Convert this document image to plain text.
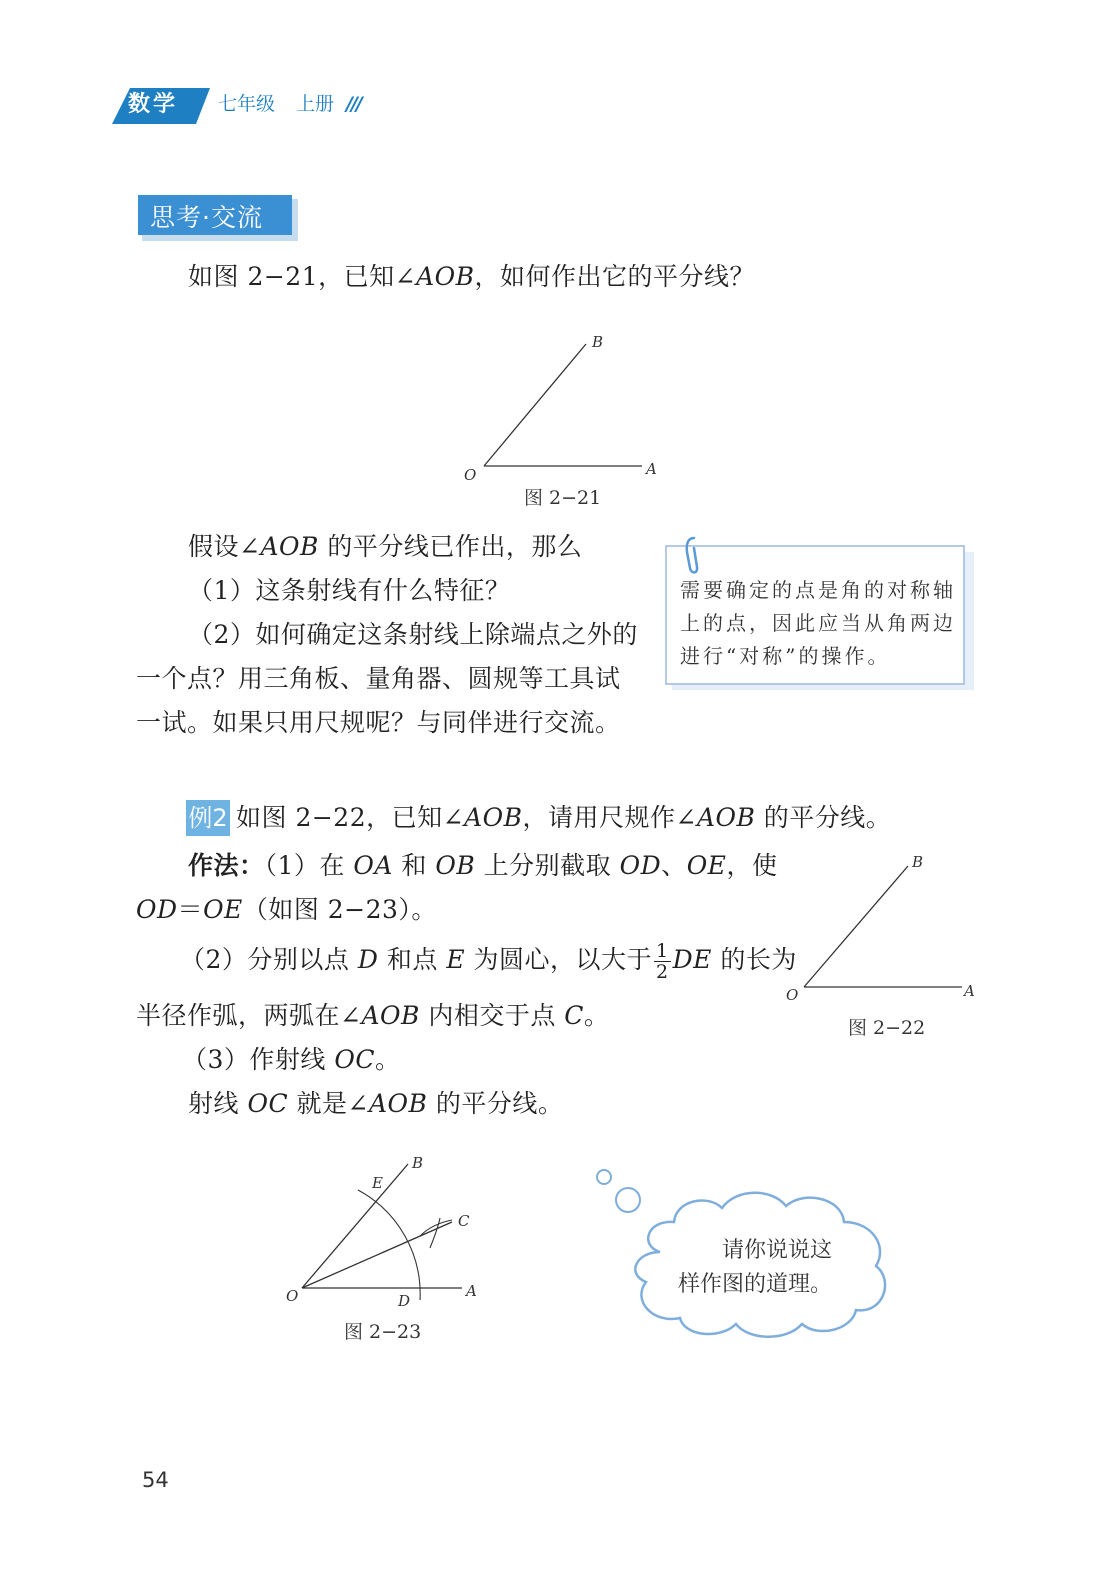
数学 七年级 上册 ///
思考·交流
如图 2−21，已知∠AOB，如何作出它的平分线？
O	A
B
图 2−21
假设∠AOB 的平分线已作出，那么
（1）这条射线有什么特征？
（2）如何确定这条射线上除端点之外的
一个点？用三角板、量角器、圆规等工具试
一试。如果只用尺规呢？与同伴进行交流。
需要确定的点是角的对称轴
上的点，因此应当从角两边
进行“对称”的操作。
例2 如图 2−22，已知∠AOB，请用尺规作∠AOB 的平分线。
作法：（1）在 OA 和 OB 上分别截取 OD、OE，使
OD＝OE（如图 2−23）。
（2）分别以点 D 和点 E 为圆心，以大于 $\frac{1}{2}$ DE 的长为
半径作弧，两弧在∠AOB 内相交于点 C。
（3）作射线 OC。
射线 OC 就是∠AOB 的平分线。
O	A
B
图 2−22
O	A
B
C
D
E
图 2−23
请你说说这
样作图的道理。
54
